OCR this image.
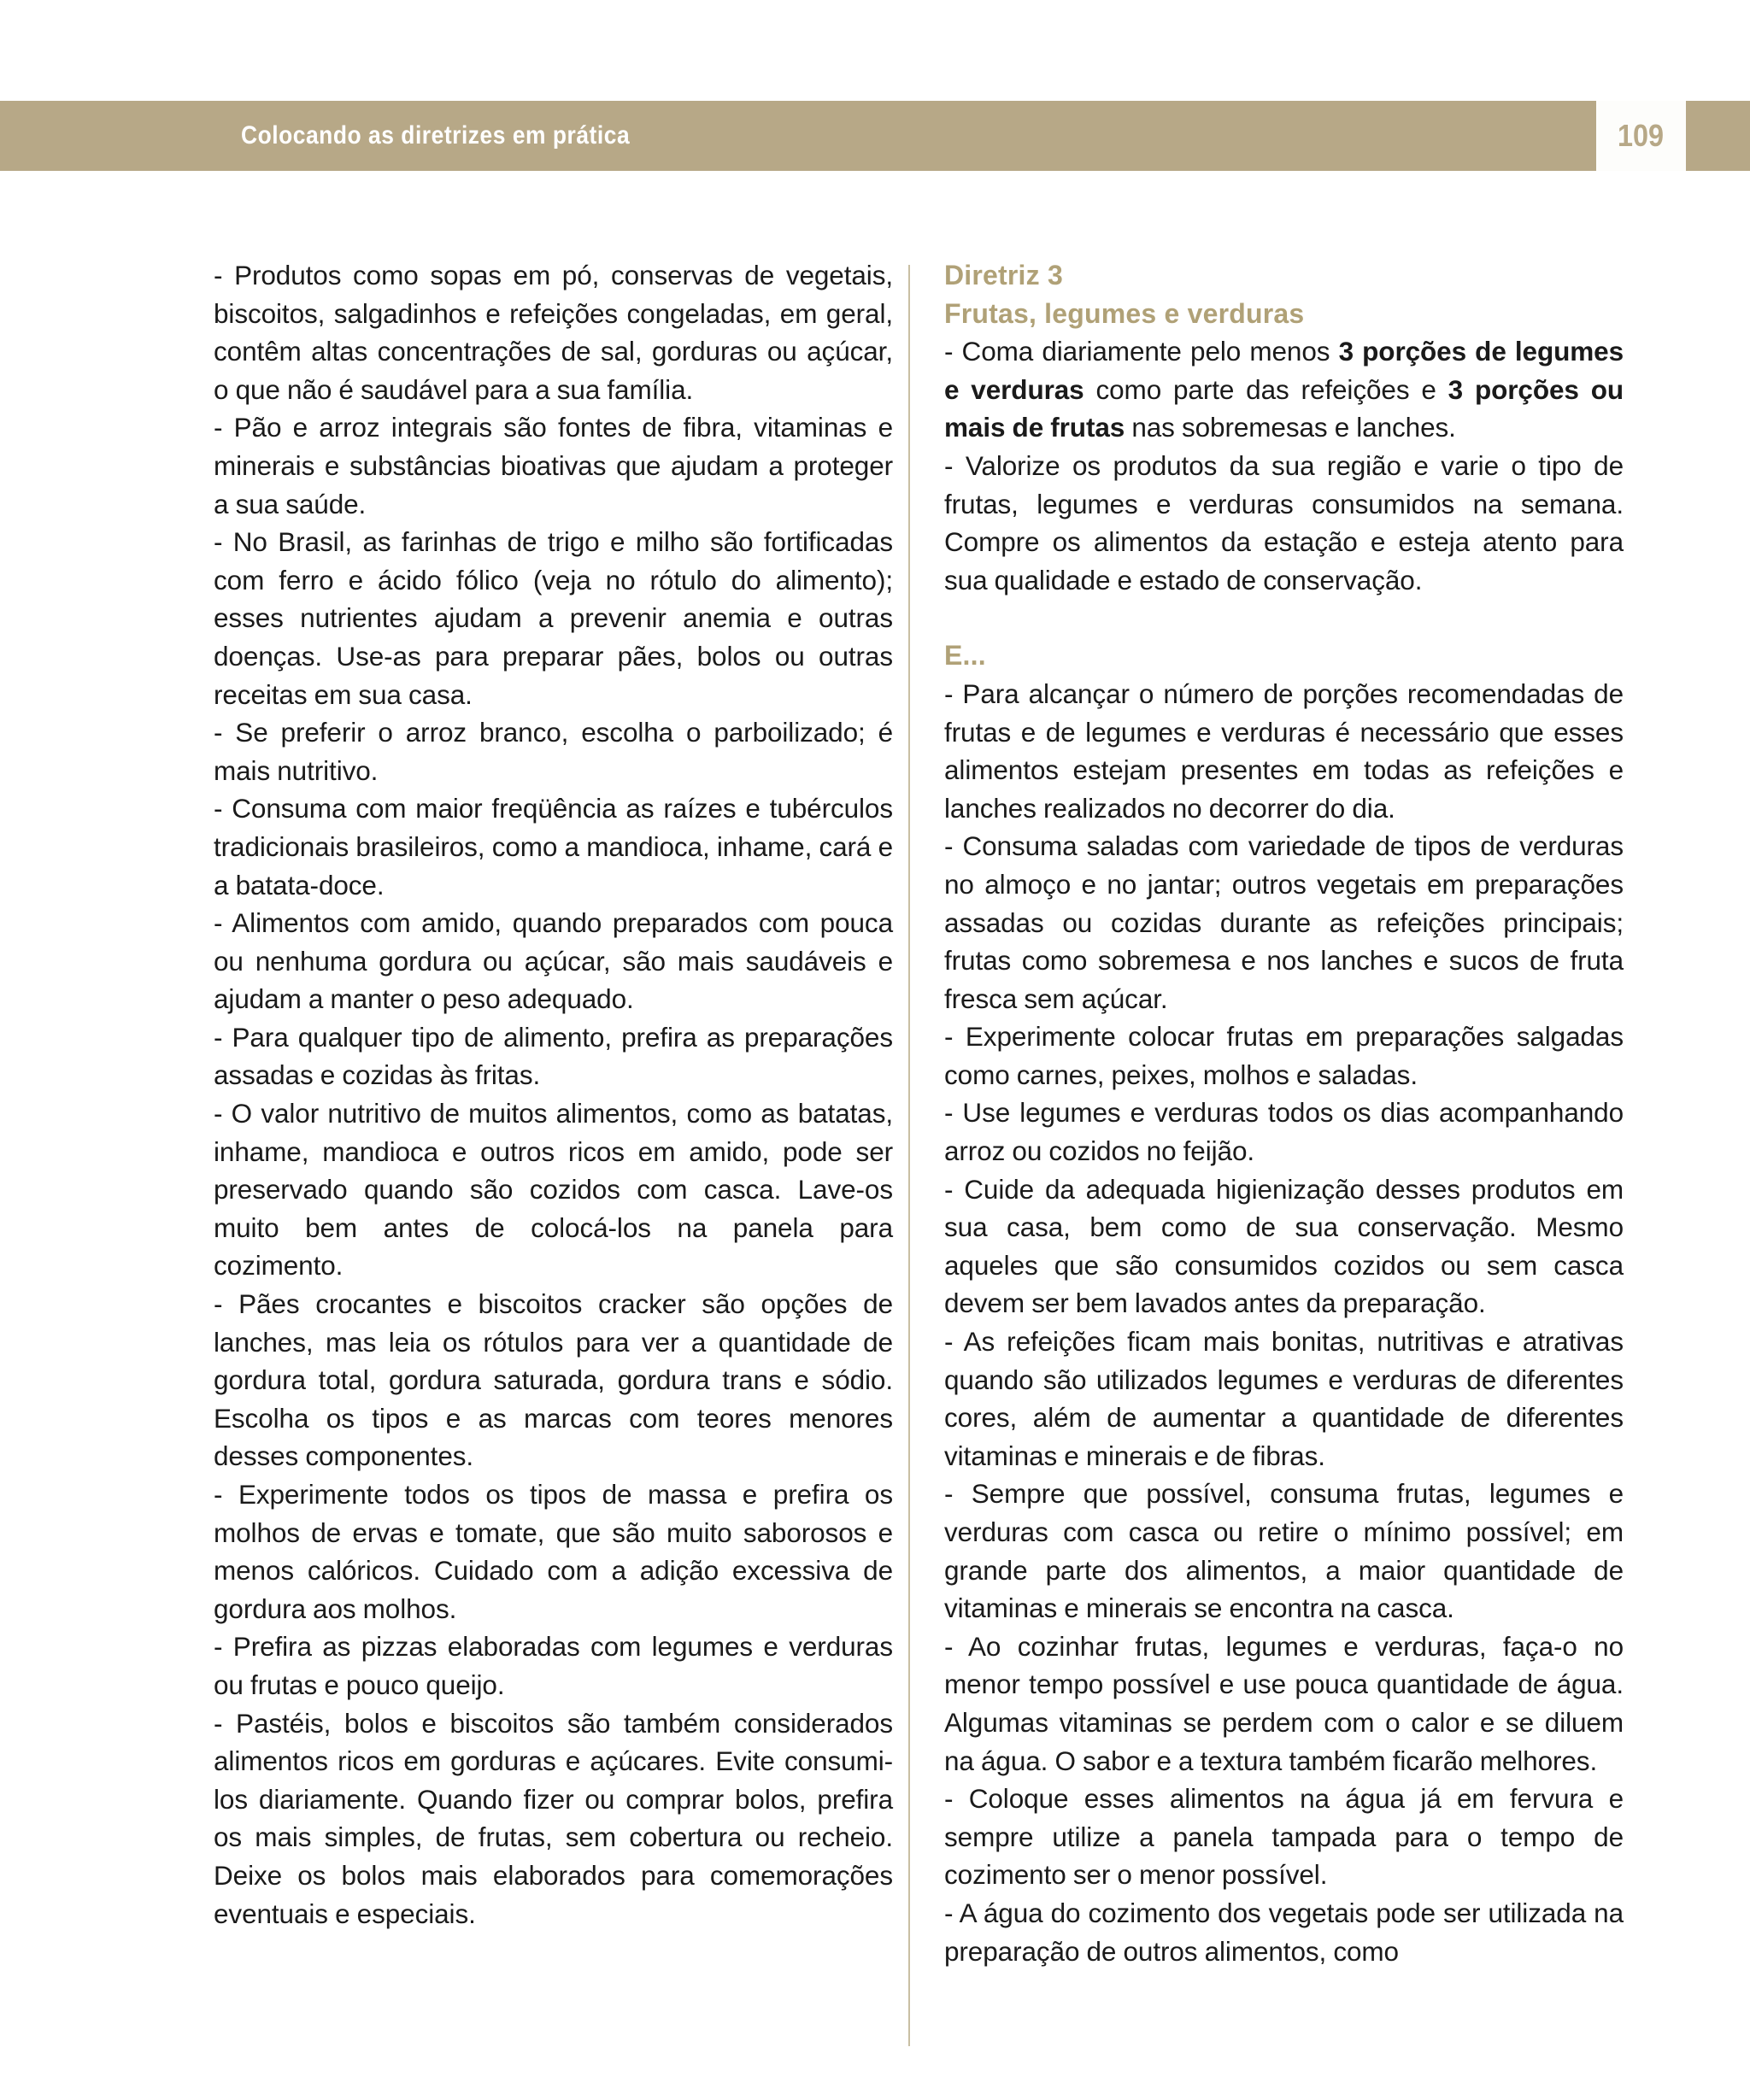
Colocando as diretrizes em prática	109

- Produtos como sopas em pó, conservas de vegetais, biscoitos, salgadinhos e refeições congeladas, em geral, contêm altas concentrações de sal, gorduras ou açúcar, o que não é saudável para a sua família.

- Pão e arroz integrais são fontes de fibra, vitaminas e minerais e substâncias bioativas que ajudam a proteger a sua saúde.

- No Brasil, as farinhas de trigo e milho são fortificadas com ferro e ácido fólico (veja no rótulo do alimento); esses nutrientes ajudam a prevenir anemia e outras doenças. Use-as para preparar pães, bolos ou outras receitas em sua casa.

- Se preferir o arroz branco, escolha o parboilizado; é mais nutritivo.

- Consuma com maior freqüência as raízes e tubérculos tradicionais brasileiros, como a mandioca, inhame, cará e a batata-doce.

- Alimentos com amido, quando preparados com pouca ou nenhuma gordura ou açúcar, são mais saudáveis e ajudam a manter o peso adequado.

- Para qualquer tipo de alimento, prefira as preparações assadas e cozidas às fritas.

- O valor nutritivo de muitos alimentos, como as batatas, inhame, mandioca e outros ricos em amido, pode ser preservado quando são cozidos com casca. Lave-os muito bem antes de colocá-los na panela para cozimento.

- Pães crocantes e biscoitos cracker são opções de lanches, mas leia os rótulos para ver a quantidade de gordura total, gordura saturada, gordura trans e sódio. Escolha os tipos e as marcas com teores menores desses componentes.

- Experimente todos os tipos de massa e prefira os molhos de ervas e tomate, que são muito saborosos e menos calóricos. Cuidado com a adição excessiva de gordura aos molhos.

- Prefira as pizzas elaboradas com legumes e verduras ou frutas e pouco queijo.

- Pastéis, bolos e biscoitos são também considerados alimentos ricos em gorduras e açúcares. Evite consumi-los diariamente. Quando fizer ou comprar bolos, prefira os mais simples, de frutas, sem cobertura ou recheio. Deixe os bolos mais elaborados para comemorações eventuais e especiais.

Diretriz 3
Frutas, legumes e verduras

- Coma diariamente pelo menos 3 porções de legumes e verduras como parte das refeições e 3 porções ou mais de frutas nas sobremesas e lanches.

- Valorize os produtos da sua região e varie o tipo de frutas, legumes e verduras consumidos na semana. Compre os alimentos da estação e esteja atento para sua qualidade e estado de conservação.

E...

- Para alcançar o número de porções recomendadas de frutas e de legumes e verduras é necessário que esses alimentos estejam presentes em todas as refeições e lanches realizados no decorrer do dia.

- Consuma saladas com variedade de tipos de verduras no almoço e no jantar; outros vegetais em preparações assadas ou cozidas durante as refeições principais; frutas como sobremesa e nos lanches e sucos de fruta fresca sem açúcar.

- Experimente colocar frutas em preparações salgadas como carnes, peixes, molhos e saladas.

- Use legumes e verduras todos os dias acompanhando arroz ou cozidos no feijão.

- Cuide da adequada higienização desses produtos em sua casa, bem como de sua conservação. Mesmo aqueles que são consumidos cozidos ou sem casca devem ser bem lavados antes da preparação.

- As refeições ficam mais bonitas, nutritivas e atrativas quando são utilizados legumes e verduras de diferentes cores, além de aumentar a quantidade de diferentes vitaminas e minerais e de fibras.

- Sempre que possível, consuma frutas, legumes e verduras com casca ou retire o mínimo possível; em grande parte dos alimentos, a maior quantidade de vitaminas e minerais se encontra na casca.

- Ao cozinhar frutas, legumes e verduras, faça-o no menor tempo possível e use pouca quantidade de água. Algumas vitaminas se perdem com o calor e se diluem na água. O sabor e a textura também ficarão melhores.

- Coloque esses alimentos na água já em fervura e sempre utilize a panela tampada para o tempo de cozimento ser o menor possível.

- A água do cozimento dos vegetais pode ser utilizada na preparação de outros alimentos, como
